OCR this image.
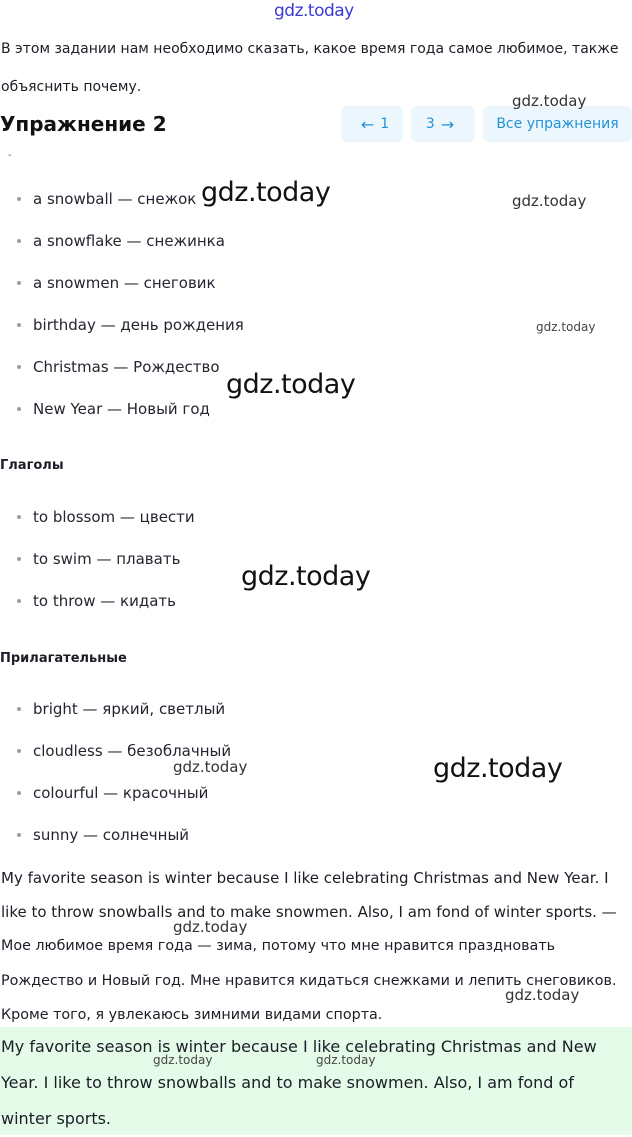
gdz.today
В этом задании нам необходимо сказать, какое время года самое любимое, также объяснить почему.
Упражнение 2	← 1	3 →	Все упражнения
-
a snowball — снежок
a snowflake — снежинка
a snowmen — снеговик
birthday — день рождения
Christmas — Рождество
New Year — Новый год
Глаголы
to blossom — цвести
to swim — плавать
to throw — кидать
Прилагательные
bright — яркий, светлый
cloudless — безоблачный
colourful — красочный
sunny — солнечный
My favorite season is winter because I like celebrating Christmas and New Year. I like to throw snowballs and to make snowmen. Also, I am fond of winter sports. — Мое любимое время года — зима, потому что мне нравится праздновать Рождество и Новый год. Мне нравится кидаться снежками и лепить снеговиков. Кроме того, я увлекаюсь зимними видами спорта.
My favorite season is winter because I like celebrating Christmas and New Year. I like to throw snowballs and to make snowmen. Also, I am fond of winter sports.
gdz.today
gdz.today	gdz.today
gdz.today
gdz.today
gdz.today
gdz.today	gdz.today
gdz.today
gdz.today
gdz.today	gdz.today
